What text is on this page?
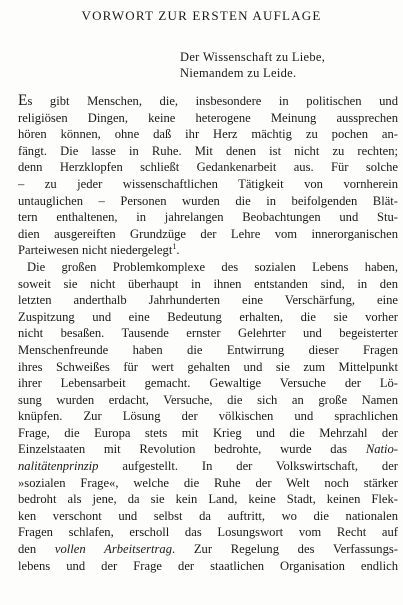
VORWORT ZUR ERSTEN AUFLAGE
Der Wissenschaft zu Liebe,
Niemandem zu Leide.
Es gibt Menschen, die, insbesondere in politischen und
religiösen Dingen, keine heterogene Meinung aussprechen
hören können, ohne daß ihr Herz mächtig zu pochen an-
fängt. Die lasse in Ruhe. Mit denen ist nicht zu rechten;
denn Herzklopfen schließt Gedankenarbeit aus. Für solche
– zu jeder wissenschaftlichen Tätigkeit von vornherein
untauglichen – Personen wurden die in beifolgenden Blät-
tern enthaltenen, in jahrelangen Beobachtungen und Stu-
dien ausgereiften Grundzüge der Lehre vom innerorganischen
Parteiwesen nicht niedergelegt$^1$.
Die großen Problemkomplexe des sozialen Lebens haben,
soweit sie nicht überhaupt in ihnen entstanden sind, in den
letzten anderthalb Jahrhunderten eine Verschärfung, eine
Zuspitzung und eine Bedeutung erhalten, die sie vorher
nicht besaßen. Tausende ernster Gelehrter und begeisterter
Menschenfreunde haben die Entwirrung dieser Fragen
ihres Schweißes für wert gehalten und sie zum Mittelpunkt
ihrer Lebensarbeit gemacht. Gewaltige Versuche der Lö-
sung wurden erdacht, Versuche, die sich an große Namen
knüpfen. Zur Lösung der völkischen und sprachlichen
Frage, die Europa stets mit Krieg und die Mehrzahl der
Einzelstaaten mit Revolution bedrohte, wurde das Natio-
nalitätenprinzip aufgestellt. In der Volkswirtschaft, der
»sozialen Frage«, welche die Ruhe der Welt noch stärker
bedroht als jene, da sie kein Land, keine Stadt, keinen Flek-
ken verschont und selbst da auftritt, wo die nationalen
Fragen schlafen, erscholl das Losungswort vom Recht auf
den vollen Arbeitsertrag. Zur Regelung des Verfassungs-
lebens und der Frage der staatlichen Organisation endlich
